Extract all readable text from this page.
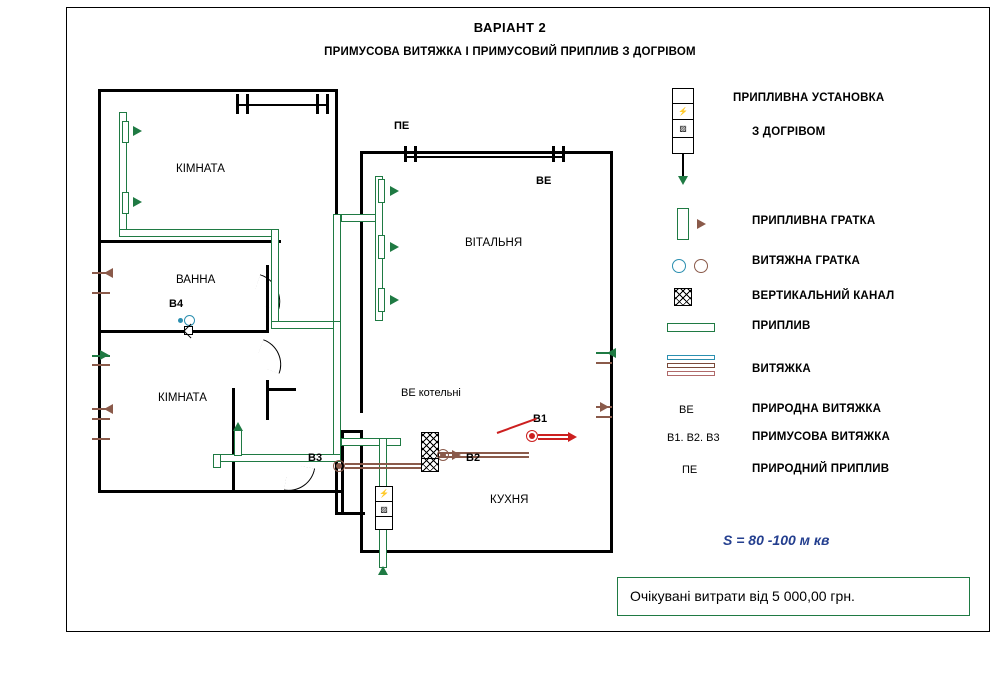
ВАРІАНТ 2
ПРИМУСОВА ВИТЯЖКА І ПРИМУСОВИЙ ПРИПЛИВ З ДОГРІВОМ
В4
ВЕ котельні
В2
В1
В3
⚡
▨
КІМНАТА
ВАННА
КІМНАТА
ВІТАЛЬНЯ
КУХНЯ
ПЕ
ВЕ
⚡
▨
ПРИПЛИВНА УСТАНОВКА
З ДОГРІВОМ
ПРИПЛИВНА ГРАТКА
ВИТЯЖНА ГРАТКА
ВЕРТИКАЛЬНИЙ КАНАЛ
ПРИПЛИВ
ВИТЯЖКА
ВЕ	ПРИРОДНА ВИТЯЖКА
В1. В2. В3	ПРИМУСОВА ВИТЯЖКА
ПЕ	ПРИРОДНИЙ ПРИПЛИВ
S = 80 -100 м кв
Очікувані витрати від 5 000,00 грн.
